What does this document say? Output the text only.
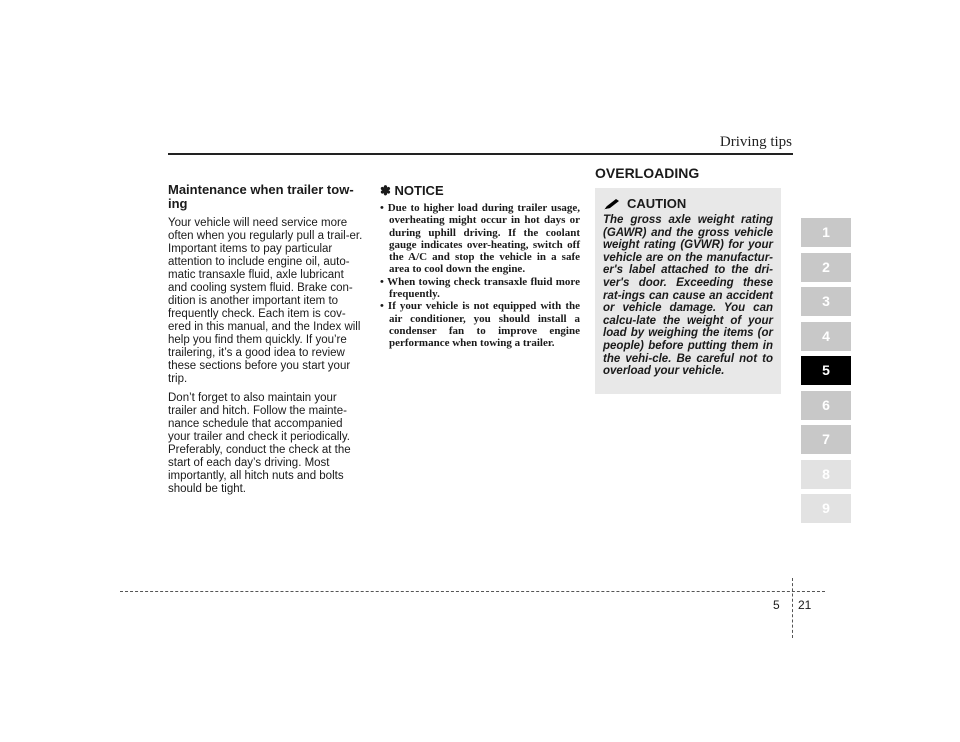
Driving tips

Maintenance when trailer tow-ing

Your vehicle will need service more often when you regularly pull a trail-er. Important items to pay particular attention to include engine oil, auto-matic transaxle fluid, axle lubricant and cooling system fluid. Brake con-dition is another important item to frequently check. Each item is cov-ered in this manual, and the Index will help you find them quickly. If you’re trailering, it’s a good idea to review these sections before you start your trip.

Don’t forget to also maintain your trailer and hitch. Follow the mainte-nance schedule that accompanied your trailer and check it periodically. Preferably, conduct the check at the start of each day’s driving. Most importantly, all hitch nuts and bolts should be tight.

✽ NOTICE

• Due to higher load during trailer usage, overheating might occur in hot days or during uphill driving. If the coolant gauge indicates over-heating, switch off the A/C and stop the vehicle in a safe area to cool down the engine.
• When towing check transaxle fluid more frequently.
• If your vehicle is not equipped with the air conditioner, you should install a condenser fan to improve engine performance when towing a trailer.

OVERLOADING

CAUTION

The gross axle weight rating (GAWR) and the gross vehicle weight rating (GVWR) for your vehicle are on the manufactur-er's label attached to the dri-ver's door. Exceeding these rat-ings can cause an accident or vehicle damage. You can calcu-late the weight of your load by weighing the items (or people) before putting them in the vehi-cle. Be careful not to overload your vehicle.

1
2
3
4
5
6
7
8
9
5 21
